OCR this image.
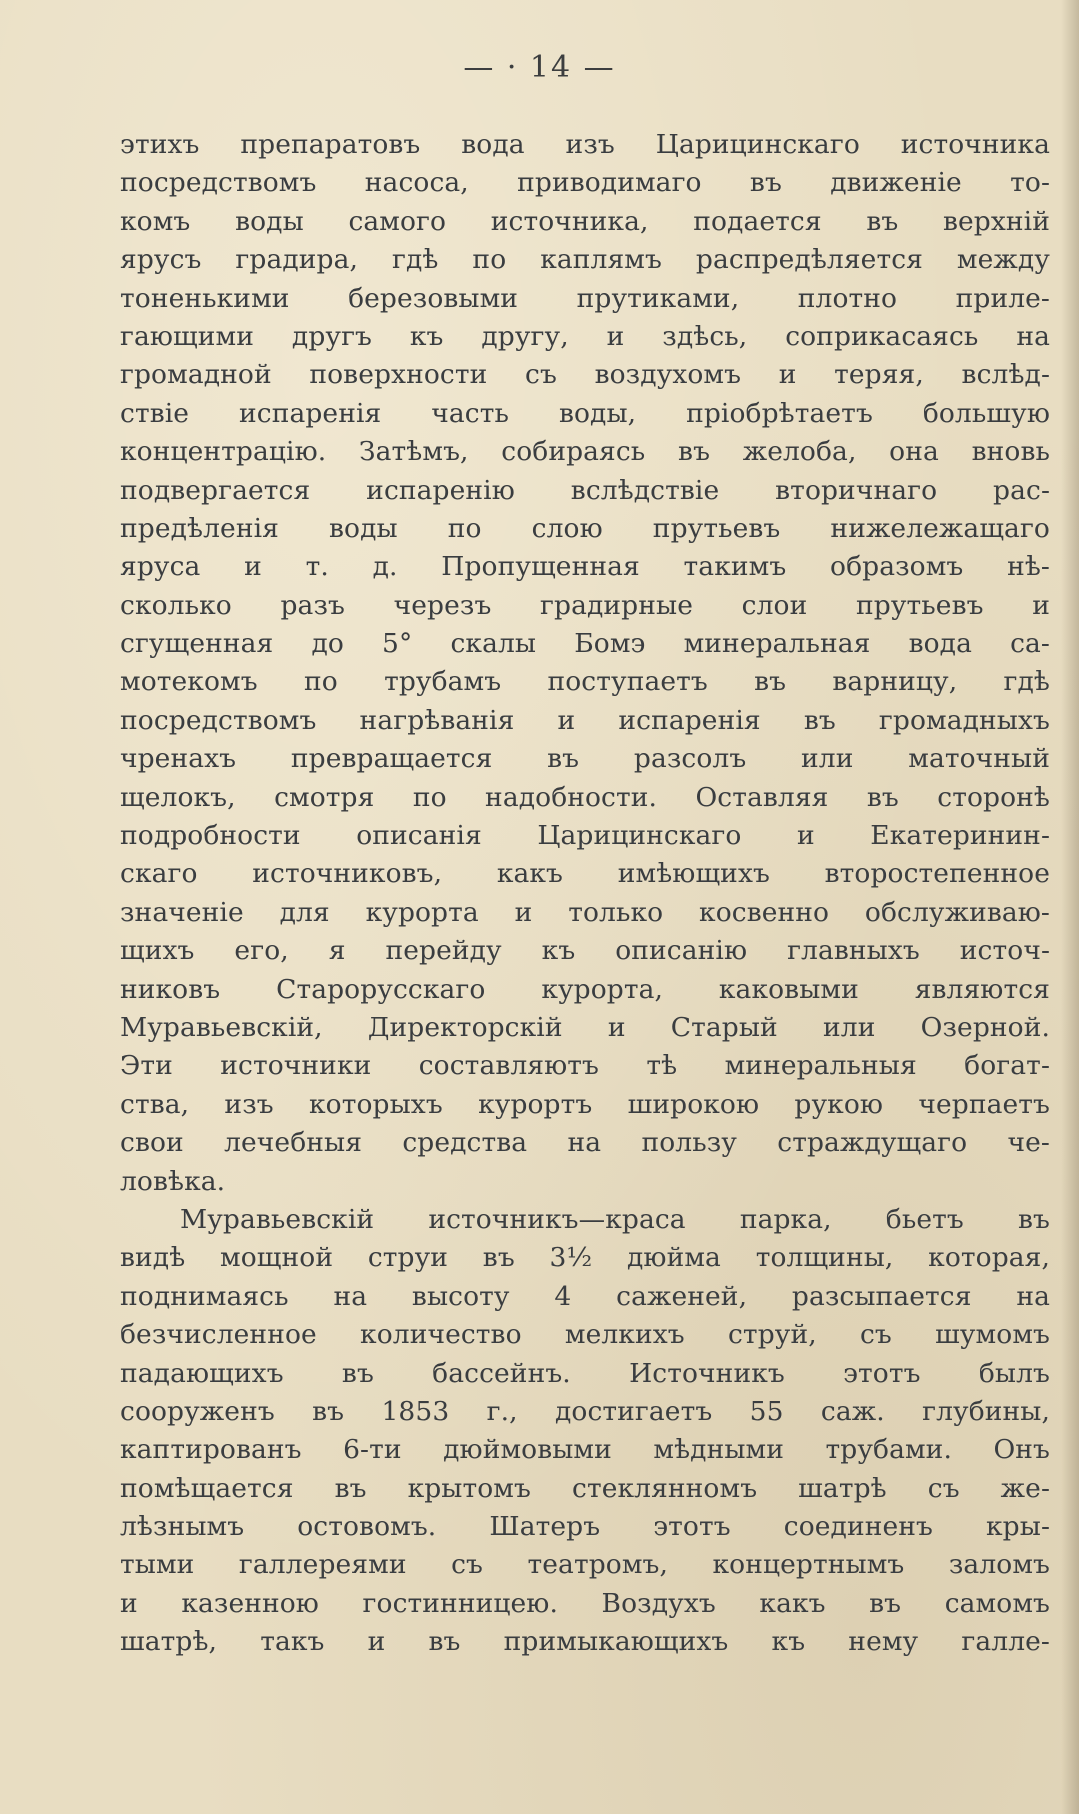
— · 14 —
этихъ препаратовъ вода изъ Царицинскаго источника
посредствомъ насоса, приводимаго въ движеніе то-
комъ воды самого источника, подается въ верхній
ярусъ градира, гдѣ по каплямъ распредѣляется между
тоненькими березовыми прутиками, плотно приле-
гающими другъ къ другу, и здѣсь, соприкасаясь на
громадной поверхности съ воздухомъ и теряя, вслѣд-
ствіе испаренія часть воды, пріобрѣтаетъ большую
концентрацію. Затѣмъ, собираясь въ желоба, она вновь
подвергается испаренію вслѣдствіе вторичнаго рас-
предѣленія воды по слою прутьевъ нижележащаго
яруса и т. д. Пропущенная такимъ образомъ нѣ-
сколько разъ черезъ градирные слои прутьевъ и
сгущенная до 5° скалы Бомэ минеральная вода са-
мотекомъ по трубамъ поступаетъ въ варницу, гдѣ
посредствомъ нагрѣванія и испаренія въ громадныхъ
чренахъ превращается въ разсолъ или маточный
щелокъ, смотря по надобности. Оставляя въ сторонѣ
подробности описанія Царицинскаго и Екатеринин-
скаго источниковъ, какъ имѣющихъ второстепенное
значеніе для курорта и только косвенно обслуживаю-
щихъ его, я перейду къ описанію главныхъ источ-
никовъ Старорусскаго курорта, каковыми являются
Муравьевскій, Директорскій и Старый или Озерной.
Эти источники составляютъ тѣ минеральныя богат-
ства, изъ которыхъ курортъ широкою рукою черпаетъ
свои лечебныя средства на пользу страждущаго че-
ловѣка.
Муравьевскій источникъ—краса парка, бьетъ въ
видѣ мощной струи въ 3½ дюйма толщины, которая,
поднимаясь на высоту 4 саженей, разсыпается на
безчисленное количество мелкихъ струй, съ шумомъ
падающихъ въ бассейнъ. Источникъ этотъ былъ
сооруженъ въ 1853 г., достигаетъ 55 саж. глубины,
каптированъ 6-ти дюймовыми мѣдными трубами. Онъ
помѣщается въ крытомъ стеклянномъ шатрѣ съ же-
лѣзнымъ остовомъ. Шатеръ этотъ соединенъ кры-
тыми галлереями съ театромъ, концертнымъ заломъ
и казенною гостинницею. Воздухъ какъ въ самомъ
шатрѣ, такъ и въ примыкающихъ къ нему галле-
